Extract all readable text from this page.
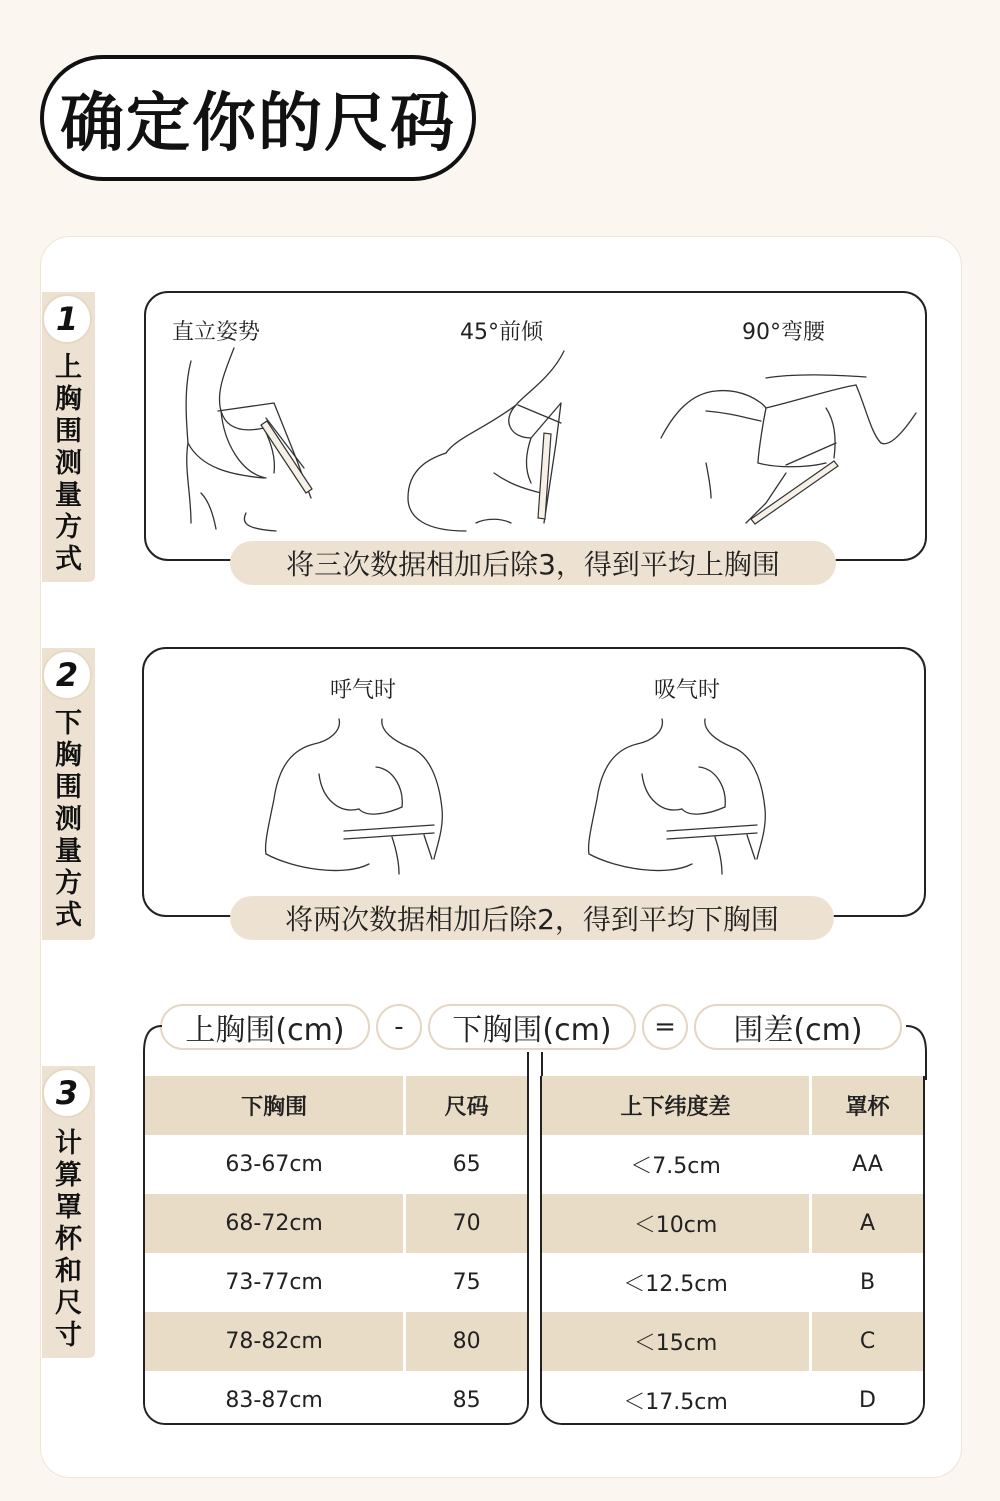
确定你的尺码
1
上
胸
围
测
量
方
式
2
下
胸
围
测
量
方
式
3
计
算
罩
杯
和
尺
寸
直立姿势	45°前倾	90°弯腰
将三次数据相加后除3，得到平均上胸围
呼气时	吸气时
将两次数据相加后除2，得到平均下胸围
上胸围(cm)	-	下胸围(cm)	=	围差(cm)
下胸围	尺码
63-67cm	65
68-72cm	70
73-77cm	75
78-82cm	80
83-87cm	85
上下纬度差	罩杯
＜7.5cm	AA
＜10cm	A
＜12.5cm	B
＜15cm	C
＜17.5cm	D
